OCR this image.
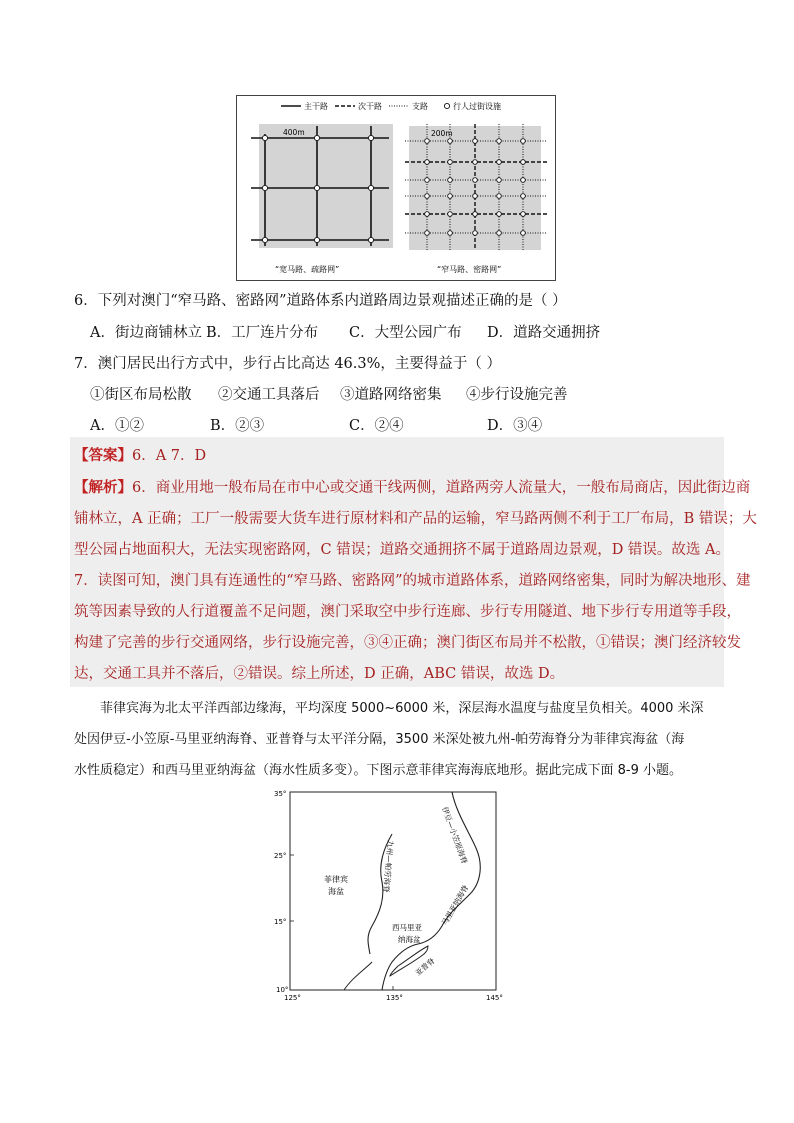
主干路	次干路	支路	行人过街设施
400m
“宽马路、疏路网”
200m
“窄马路、密路网”
6．下列对澳门“窄马路、密路网”道路体系内道路周边景观描述正确的是（ ）
A．街边商铺林立 B．工厂连片分布 C．大型公园广布 D．道路交通拥挤
7．澳门居民出行方式中，步行占比高达 46.3%，主要得益于（ ）
①街区布局松散 ②交通工具落后 ③道路网络密集 ④步行设施完善
A．①②	B．②③	C．②④	D．③④
【答案】6．A 7．D
【解析】6．商业用地一般布局在市中心或交通干线两侧，道路两旁人流量大，一般布局商店，因此街边商
铺林立，A 正确；工厂一般需要大货车进行原材料和产品的运输，窄马路两侧不利于工厂布局，B 错误；大
型公园占地面积大，无法实现密路网，C 错误；道路交通拥挤不属于道路周边景观，D 错误。故选 A。
7．读图可知，澳门具有连通性的“窄马路、密路网”的城市道路体系，道路网络密集，同时为解决地形、建
筑等因素导致的人行道覆盖不足问题，澳门采取空中步行连廊、步行专用隧道、地下步行专用道等手段，
构建了完善的步行交通网络，步行设施完善，③④正确；澳门街区布局并不松散，①错误；澳门经济较发
达，交通工具并不落后，②错误。综上所述，D 正确，ABC 错误，故选 D。
菲律宾海为北太平洋西部边缘海，平均深度 5000~6000 米，深层海水温度与盐度呈负相关。4000 米深
处因伊豆-小笠原-马里亚纳海脊、亚普脊与太平洋分隔，3500 米深处被九州-帕劳海脊分为菲律宾海盆（海
水性质稳定）和西马里亚纳海盆（海水性质多变）。下图示意菲律宾海海底地形。据此完成下面 8-9 小题。
35°
25°
15°
10°
125°	135°	145°
菲律宾
海盆
西马里亚
纳海盆
九州—帕劳海脊
伊豆—小笠原海脊
马里亚纳海脊
亚普脊
